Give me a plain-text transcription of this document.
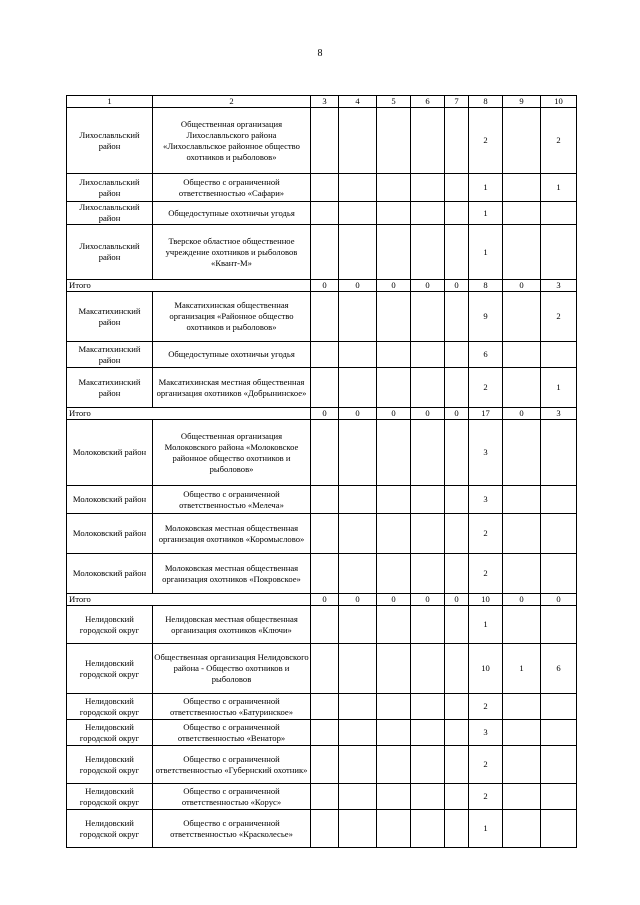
8
1	2	3	4	5	6	7	8	9	10
Лихославльский район	Общественная организация Лихославльского района «Лихославльское районное общество охотников и рыболовов»						2		2
Лихославльский район	Общество с ограниченной ответственностью «Сафари»						1		1
Лихославльский район	Общедоступные охотничьи угодья						1		
Лихославльский район	Тверское областное общественное учреждение охотников и рыболовов «Квант-М»						1		
Итого		0	0	0	0	0	8	0	3
Максатихинский район	Максатихинская общественная организация «Районное общество охотников и рыболовов»						9		2
Максатихинский район	Общедоступные охотничьи угодья						6		
Максатихинский район	Максатихинская местная общественная организация охотников «Добрынинское»						2		1
Итого		0	0	0	0	0	17	0	3
Молоковский район	Общественная организация Молоковского района «Молоковское районное общество охотников и рыболовов»						3		
Молоковский район	Общество с ограниченной ответственностью «Мелеча»						3		
Молоковский район	Молоковская местная общественная организация охотников «Коромыслово»						2		
Молоковский район	Молоковская местная общественная организация охотников «Покровское»						2		
Итого		0	0	0	0	0	10	0	0
Нелидовский городской округ	Нелидовская местная общественная организация охотников «Ключи»						1		
Нелидовский городской округ	Общественная организация Нелидовского района - Общество охотников и рыболовов						10	1	6
Нелидовский городской округ	Общество с ограниченной ответственностью «Батуринское»						2		
Нелидовский городской округ	Общество с ограниченной ответственностью «Венатор»						3		
Нелидовский городской округ	Общество с ограниченной ответственностью «Губернский охотник»						2		
Нелидовский городской округ	Общество с ограниченной ответственностью «Корус»						2		
Нелидовский городской округ	Общество с ограниченной ответственностью «Красколесье»						1		
